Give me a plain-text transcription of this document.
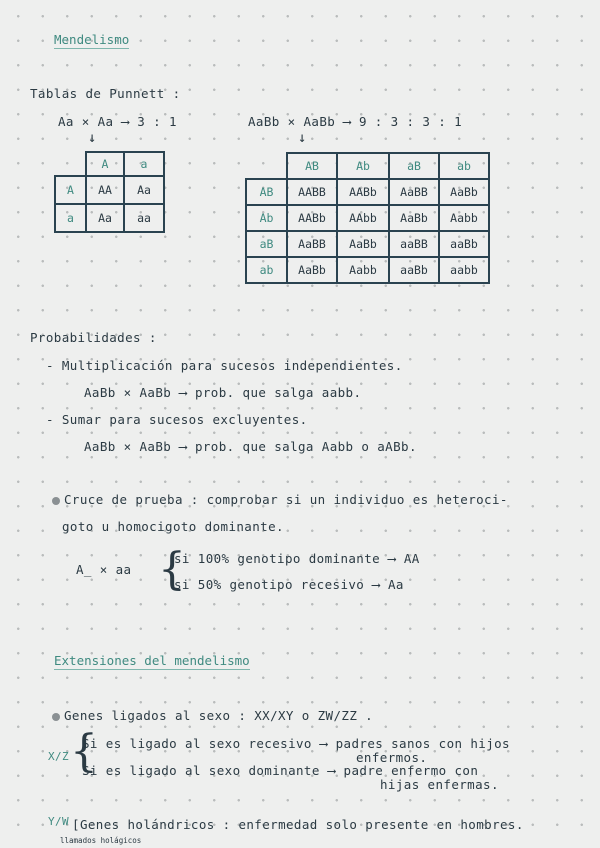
Mendelismo
Tablas de Punnett :
Aa × Aa ⟶ 3 : 1
↓
	A	a
A	AA	Aa
a	Aa	aa
AaBb × AaBb ⟶ 9 : 3 : 3 : 1
↓
	AB	Ab	aB	ab
AB	AABB	AABb	AaBB	AaBb
Ab	AABb	AAbb	AaBb	Aabb
aB	AaBB	AaBb	aaBB	aaBb
ab	AaBb	Aabb	aaBb	aabb
Probabilidades :
- Multiplicación para sucesos independientes.
AaBb × AaBb ⟶ prob. que salga aabb.
- Sumar para sucesos excluyentes.
AaBb × AaBb ⟶ prob. que salga Aabb o aABb.
Cruce de prueba : comprobar si un individuo es heteroci-
goto u homocigoto dominante.
A_ × aa {
si 100% genotipo dominante ⟶ AA
si 50% genotipo recesivo ⟶ Aa
Extensiones del mendelismo
Genes ligados al sexo : XX/XY o ZW/ZZ .
X/Z {
Si es ligado al sexo recesivo ⟶ padres sanos con hijos
enfermos.
Si es ligado al sexo dominante ⟶ padre enfermo con
hijas enfermas.
Y/W [Genes holándricos : enfermedad solo presente en hombres.
llamados holágicos
